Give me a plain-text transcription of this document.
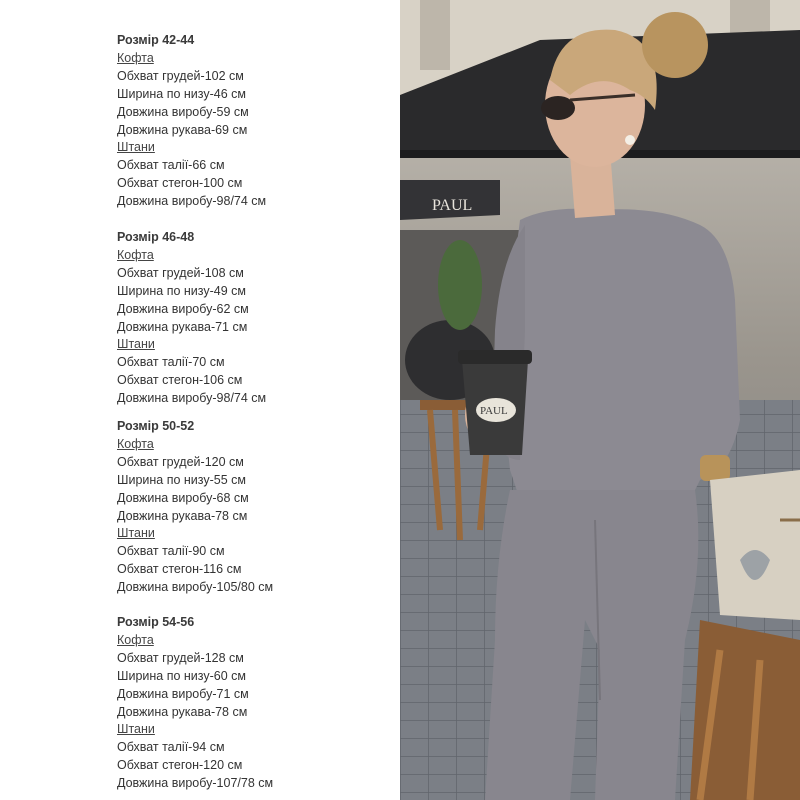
Розмір 42-44
Кофта
Обхват грудей-102 см
Ширина по низу-46 см
Довжина виробу-59 см
Довжина рукава-69 см
Штани
Обхват талії-66 см
Обхват стегон-100 см
Довжина виробу-98/74 см
Розмір 46-48
Кофта
Обхват грудей-108 см
Ширина по низу-49 см
Довжина виробу-62 см
Довжина рукава-71 см
Штани
Обхват талії-70 см
Обхват стегон-106 см
Довжина виробу-98/74 см
Розмір 50-52
Кофта
Обхват грудей-120 см
Ширина по низу-55 см
Довжина виробу-68 см
Довжина рукава-78 см
Штани
Обхват талії-90 см
Обхват стегон-116 см
Довжина виробу-105/80 см
Розмір 54-56
Кофта
Обхват грудей-128 см
Ширина по низу-60 см
Довжина виробу-71 см
Довжина рукава-78 см
Штани
Обхват талії-94 см
Обхват стегон-120 см
Довжина виробу-107/78 см
PAUL
PAUL
